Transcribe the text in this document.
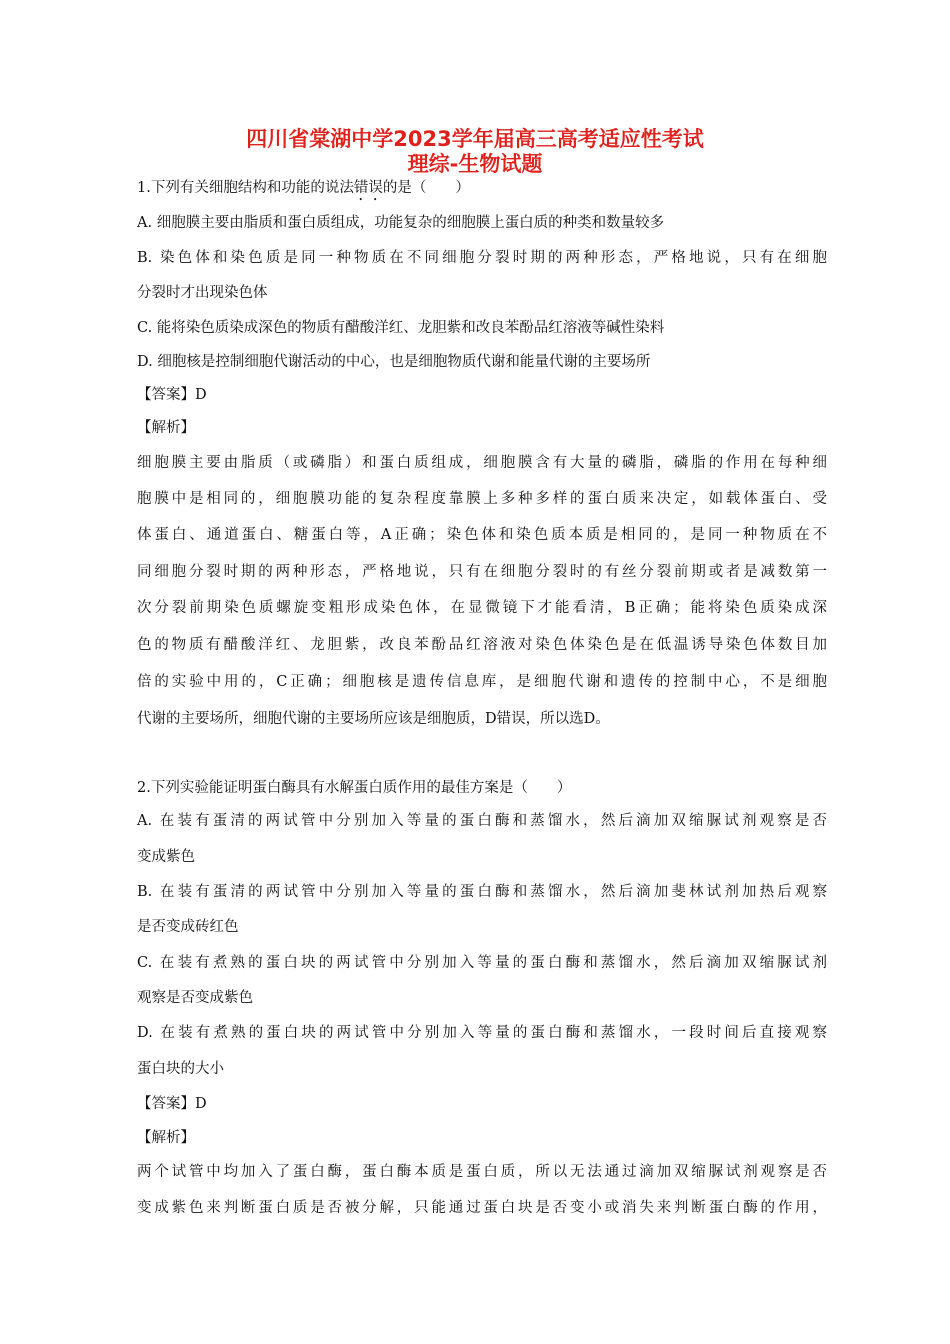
四川省棠湖中学2023学年届高三高考适应性考试
理综-生物试题
1.下列有关细胞结构和功能的说法错误的是（　　）
A. 细胞膜主要由脂质和蛋白质组成，功能复杂的细胞膜上蛋白质的种类和数量较多
B. 染色体和染色质是同一种物质在不同细胞分裂时期的两种形态，严格地说，只有在细胞
分裂时才出现染色体
C. 能将染色质染成深色的物质有醋酸洋红、龙胆紫和改良苯酚品红溶液等碱性染料
D. 细胞核是控制细胞代谢活动的中心，也是细胞物质代谢和能量代谢的主要场所
【答案】D
【解析】
细胞膜主要由脂质（或磷脂）和蛋白质组成，细胞膜含有大量的磷脂，磷脂的作用在每种细
胞膜中是相同的，细胞膜功能的复杂程度靠膜上多种多样的蛋白质来决定，如载体蛋白、受
体蛋白、通道蛋白、糖蛋白等，A正确；染色体和染色质本质是相同的，是同一种物质在不
同细胞分裂时期的两种形态，严格地说，只有在细胞分裂时的有丝分裂前期或者是减数第一
次分裂前期染色质螺旋变粗形成染色体，在显微镜下才能看清，B正确；能将染色质染成深
色的物质有醋酸洋红、龙胆紫，改良苯酚品红溶液对染色体染色是在低温诱导染色体数目加
倍的实验中用的，C正确；细胞核是遗传信息库，是细胞代谢和遗传的控制中心，不是细胞
代谢的主要场所，细胞代谢的主要场所应该是细胞质，D错误，所以选D。
2.下列实验能证明蛋白酶具有水解蛋白质作用的最佳方案是（　　）
A. 在装有蛋清的两试管中分别加入等量的蛋白酶和蒸馏水，然后滴加双缩脲试剂观察是否
变成紫色
B. 在装有蛋清的两试管中分别加入等量的蛋白酶和蒸馏水，然后滴加斐林试剂加热后观察
是否变成砖红色
C. 在装有煮熟的蛋白块的两试管中分别加入等量的蛋白酶和蒸馏水，然后滴加双缩脲试剂
观察是否变成紫色
D. 在装有煮熟的蛋白块的两试管中分别加入等量的蛋白酶和蒸馏水，一段时间后直接观察
蛋白块的大小
【答案】D
【解析】
两个试管中均加入了蛋白酶，蛋白酶本质是蛋白质，所以无法通过滴加双缩脲试剂观察是否
变成紫色来判断蛋白质是否被分解，只能通过蛋白块是否变小或消失来判断蛋白酶的作用，
